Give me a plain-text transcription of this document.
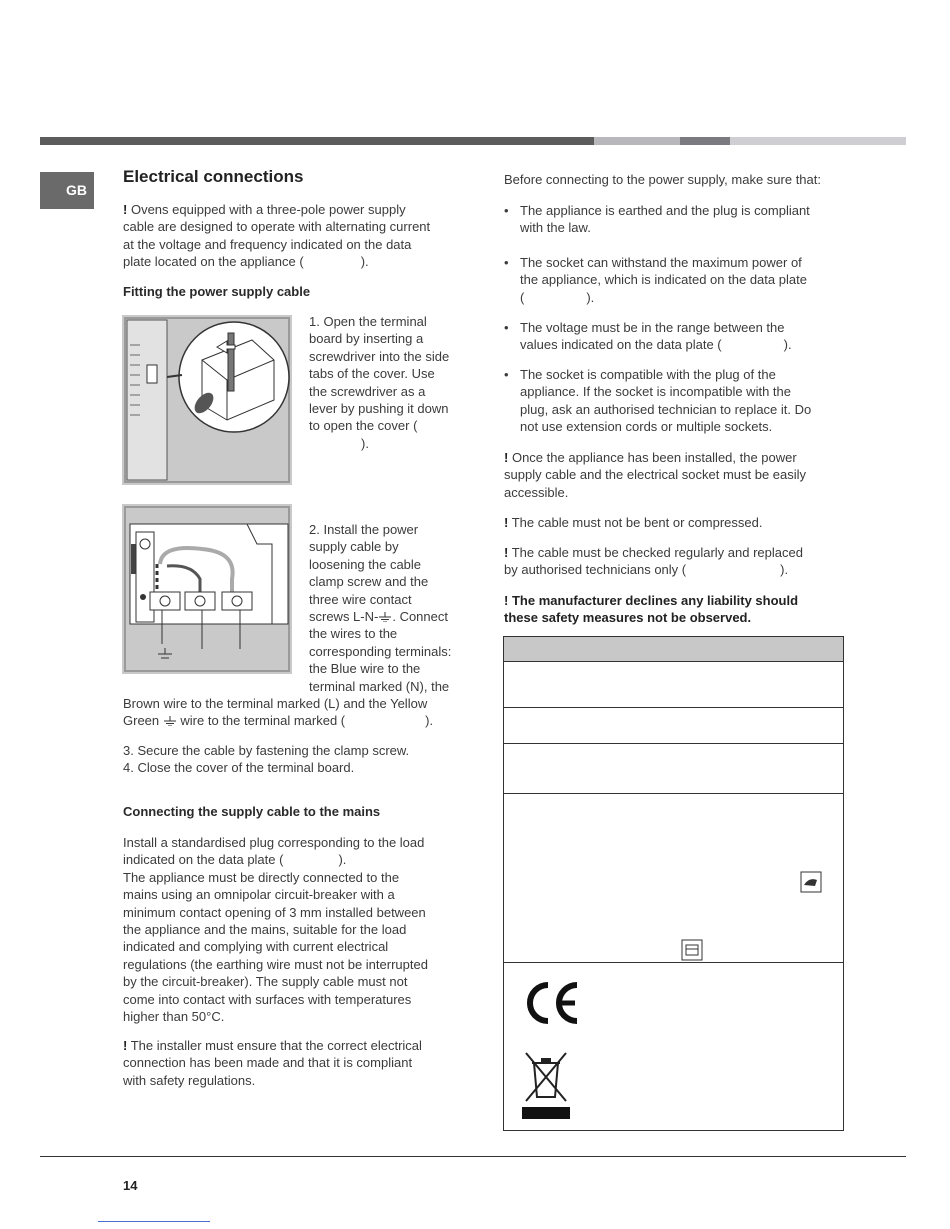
GB
Electrical connections
! Ovens equipped with a three-pole power supply
cable are designed to operate with alternating current
at the voltage and frequency indicated on the data
plate located on the appliance (	).
Fitting the power supply cable
1. Open the terminal
board by inserting a
screwdriver into the side
tabs of the cover. Use
the screwdriver as a
lever by pushing it down
to open the cover (
).
2. Install the power
supply cable by
loosening the cable
clamp screw and the
three wire contact
screws L-N- . Connect
the wires to the
corresponding terminals:
the Blue wire to the
terminal marked (N), the
Brown wire to the terminal marked (L) and the Yellow
Green wire to the terminal marked (	).
3. Secure the cable by fastening the clamp screw.
4. Close the cover of the terminal board.
Connecting the supply cable to the mains
Install a standardised plug corresponding to the load
indicated on the data plate (	).
The appliance must be directly connected to the
mains using an omnipolar circuit-breaker with a
minimum contact opening of 3 mm installed between
the appliance and the mains, suitable for the load
indicated and complying with current electrical
regulations (the earthing wire must not be interrupted
by the circuit-breaker). The supply cable must not
come into contact with surfaces with temperatures
higher than 50°C.
! The installer must ensure that the correct electrical
connection has been made and that it is compliant
with safety regulations.
Before connecting to the power supply, make sure that:
• The appliance is earthed and the plug is compliant
with the law.
• The socket can withstand the maximum power of
the appliance, which is indicated on the data plate
(	).
• The voltage must be in the range between the
values indicated on the data plate (	).
• The socket is compatible with the plug of the
appliance. If the socket is incompatible with the
plug, ask an authorised technician to replace it. Do
not use extension cords or multiple sockets.
! Once the appliance has been installed, the power
supply cable and the electrical socket must be easily
accessible.
! The cable must not be bent or compressed.
! The cable must be checked regularly and replaced
by authorised technicians only (	).
! The manufacturer declines any liability should
these safety measures not be observed.
14
